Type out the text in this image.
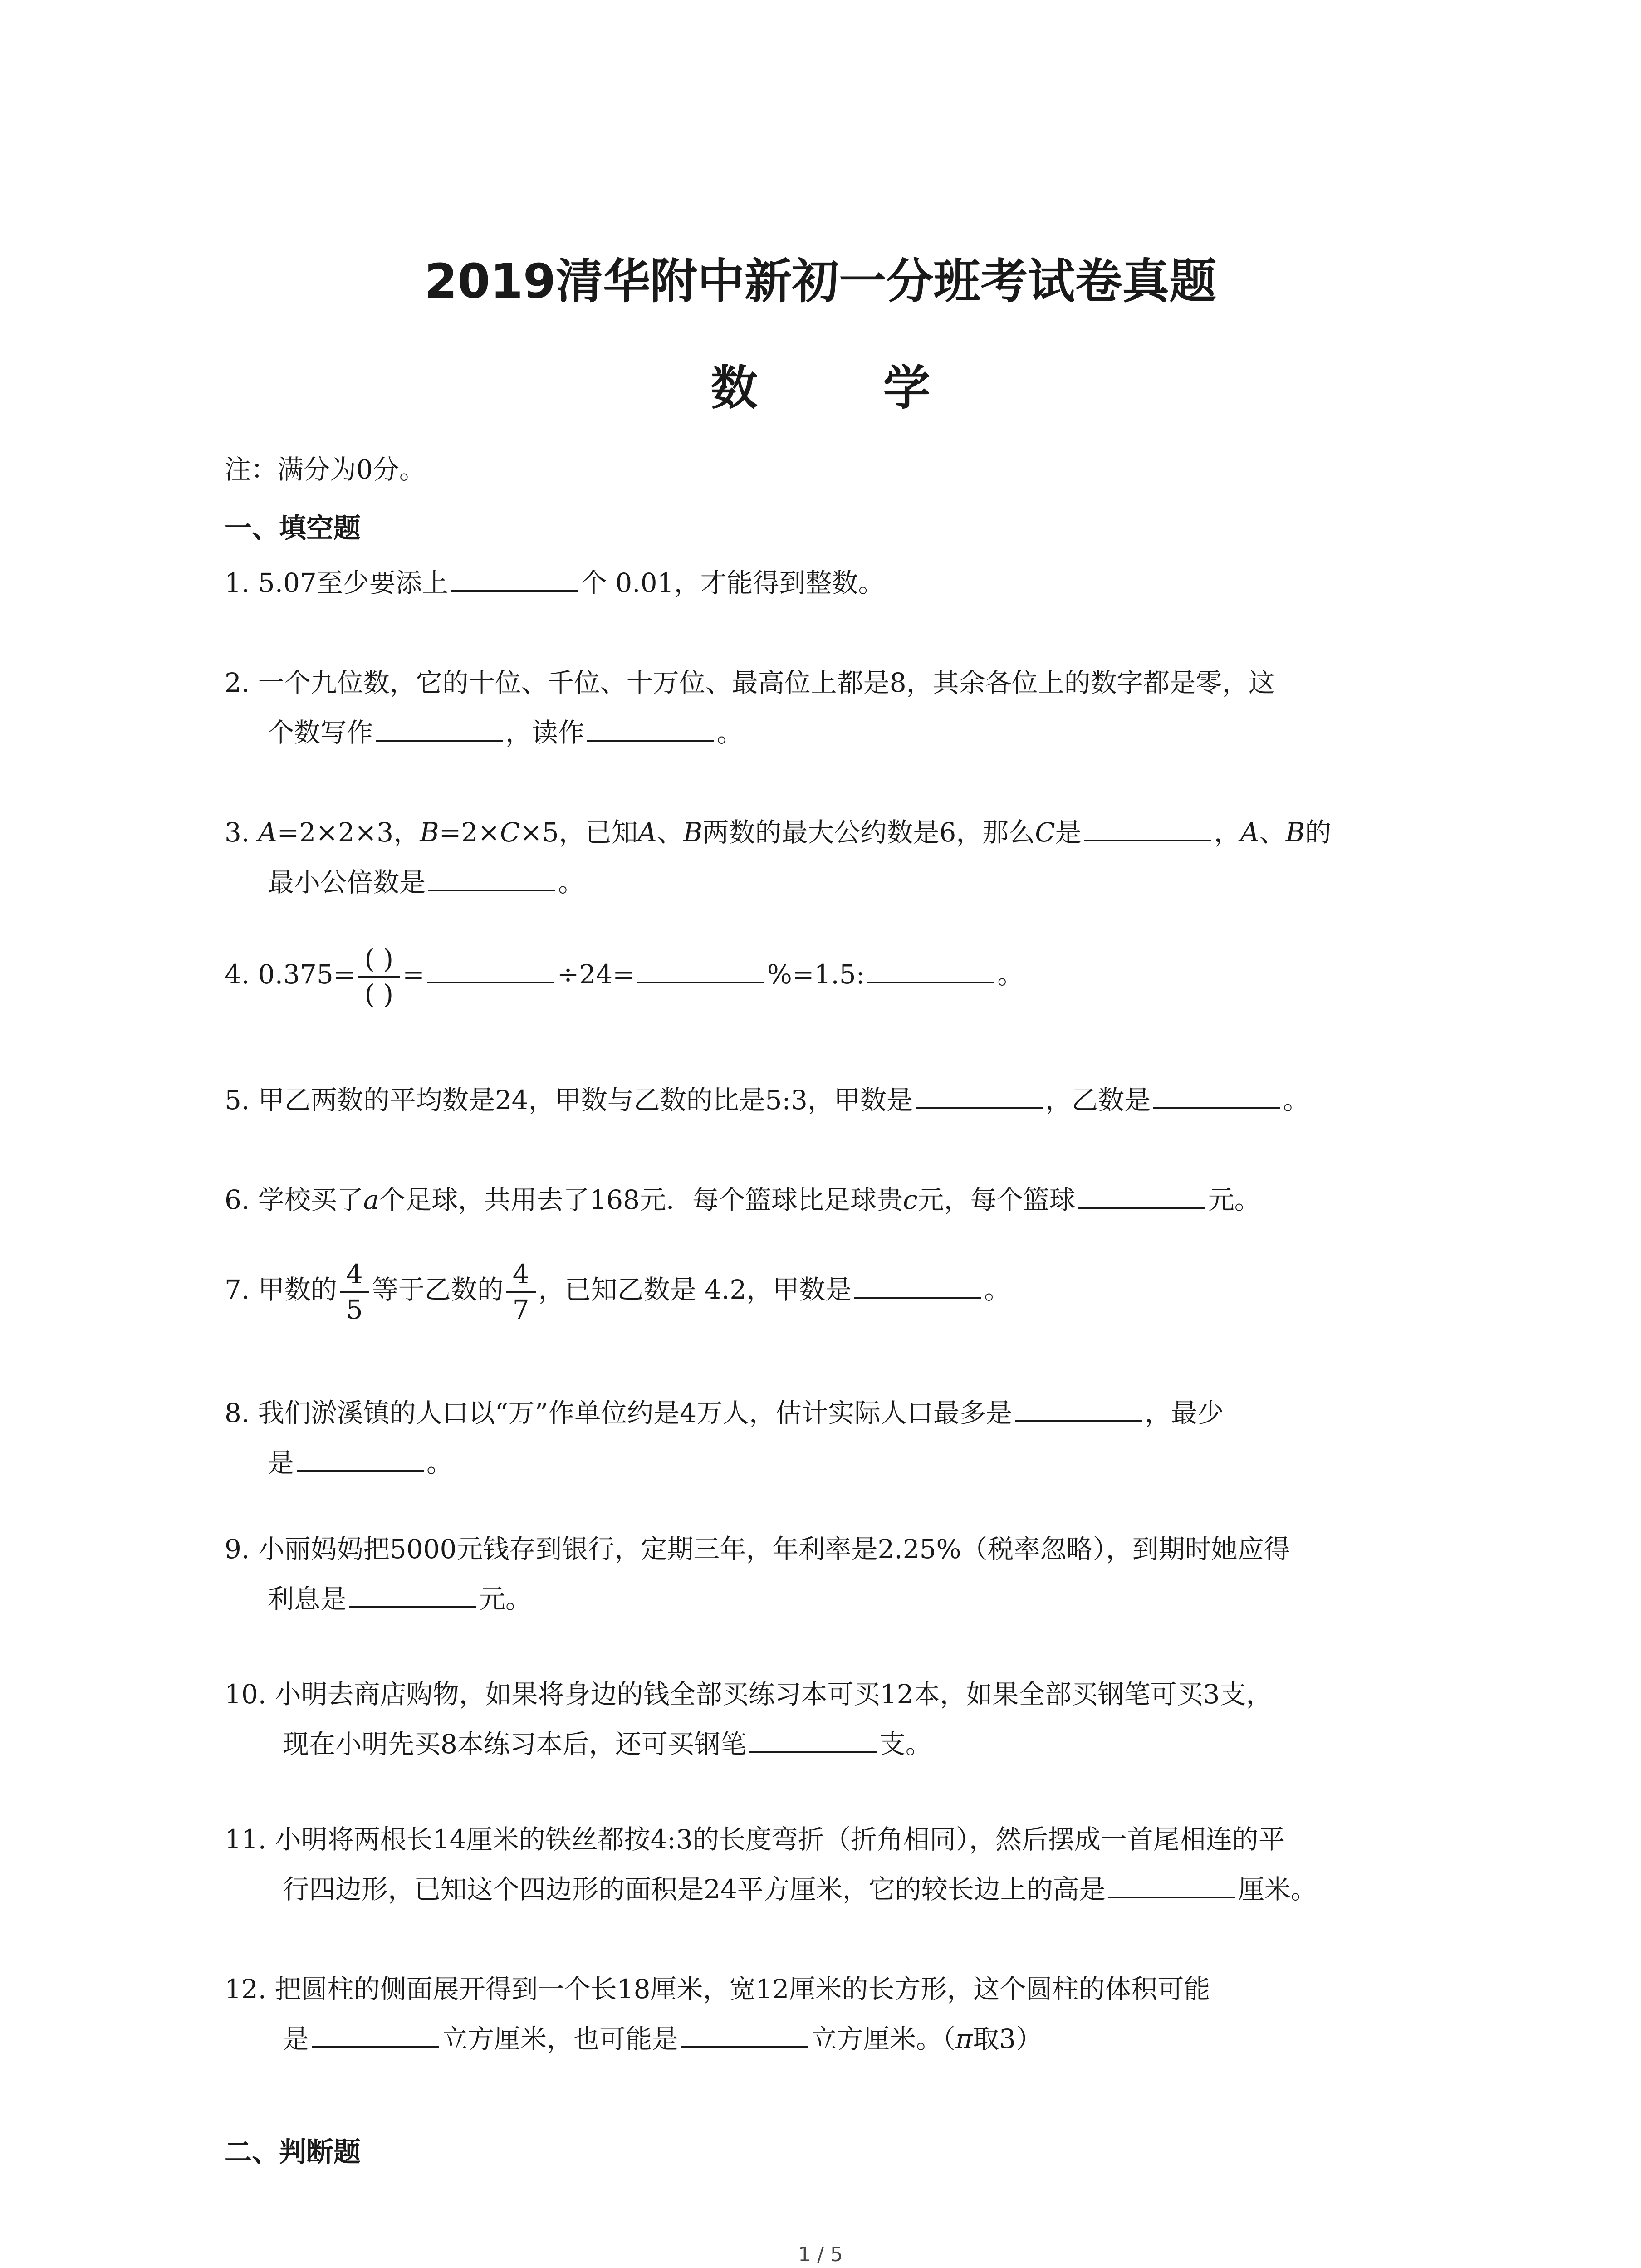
2019清华附中新初一分班考试卷真题
数 学
注：满分为0分。
一、填空题
1. 5.07至少要添上	个 0.01，才能得到整数。
2. 一个九位数，它的十位、千位、十万位、最高位上都是8，其余各位上的数字都是零，这
个数写作	，读作	。
3. A=2×2×3，B=2×C×5，已知A、B两数的最大公约数是6，那么C是	，A、B的
最小公倍数是	。
4. $0.375= \frac{( )}{( )}$ =	÷24=	%=1.5:	。
5. 甲乙两数的平均数是24，甲数与乙数的比是5:3，甲数是	，乙数是	。
6. 学校买了a个足球，共用去了168元．每个篮球比足球贵c元，每个篮球	元。
7. 甲数的 $\frac{4}{5}$ 等于乙数的 $\frac{4}{7}$ ，已知乙数是 4.2，甲数是	。
8. 我们淤溪镇的人口以“万”作单位约是4万人，估计实际人口最多是	，最少
是	。
9. 小丽妈妈把5000元钱存到银行，定期三年，年利率是2.25%（税率忽略），到期时她应得
利息是	元。
10. 小明去商店购物，如果将身边的钱全部买练习本可买12本，如果全部买钢笔可买3支，
现在小明先买8本练习本后，还可买钢笔	支。
11. 小明将两根长14厘米的铁丝都按4:3的长度弯折（折角相同），然后摆成一首尾相连的平
行四边形，已知这个四边形的面积是24平方厘米，它的较长边上的高是	厘米。
12. 把圆柱的侧面展开得到一个长18厘米，宽12厘米的长方形，这个圆柱的体积可能
是	立方厘米，也可能是	立方厘米。（π取3）
二、判断题
1 / 5
